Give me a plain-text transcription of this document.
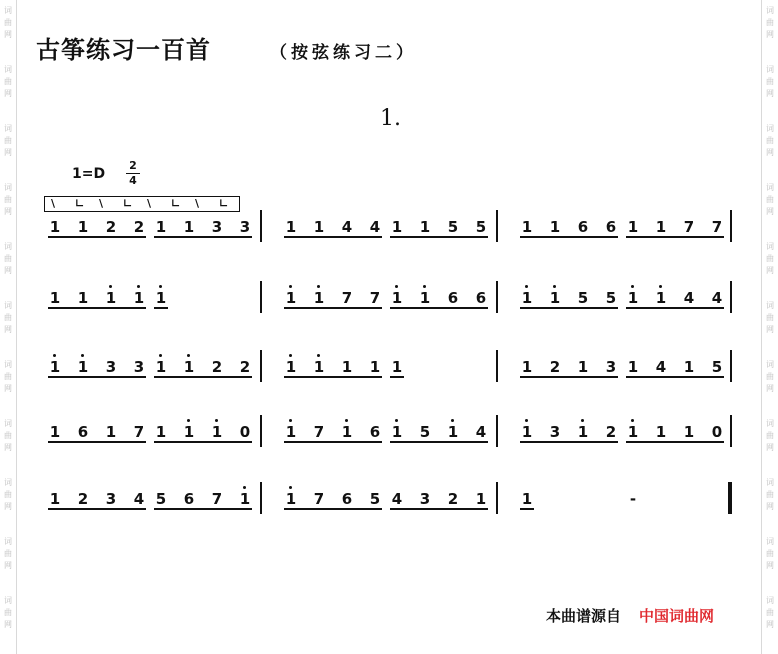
词
曲
网
词
曲
网
词
曲
网
词
曲
网
词
曲
网
词
曲
网
词
曲
网
词
曲
网
词
曲
网
词
曲
网
词
曲
网
词
曲
网
词
曲
网
词
曲
网
词
曲
网
词
曲
网
词
曲
网
词
曲
网
词
曲
网
词
曲
网
词
曲
网
词
曲
网
古筝练习一百首	（按弦练习二）
1.
1=D
2
4
\ ∟ \ ∟ \ ∟ \ ∟
1 1 2 2 1 1 3 3 1 1 4 4 1 1 5 5 1 1 6 6 1 1 7 7
1 1 1 1 1	1 1 7 7 1 1 6 6 1 1 5 5 1 1 4 4
1 1 3 3 1 1 2 2 1 1 1 1 1	1 2 1 3 1 4 1 5
1 6 1 7 1 1 1 0 1 7 1 6 1 5 1 4 1 3 1 2 1 1 1 0
1 2 3 4 5 6 7 1 1 7 6 5 4 3 2 1 1	-
本曲谱源自 中国词曲网
